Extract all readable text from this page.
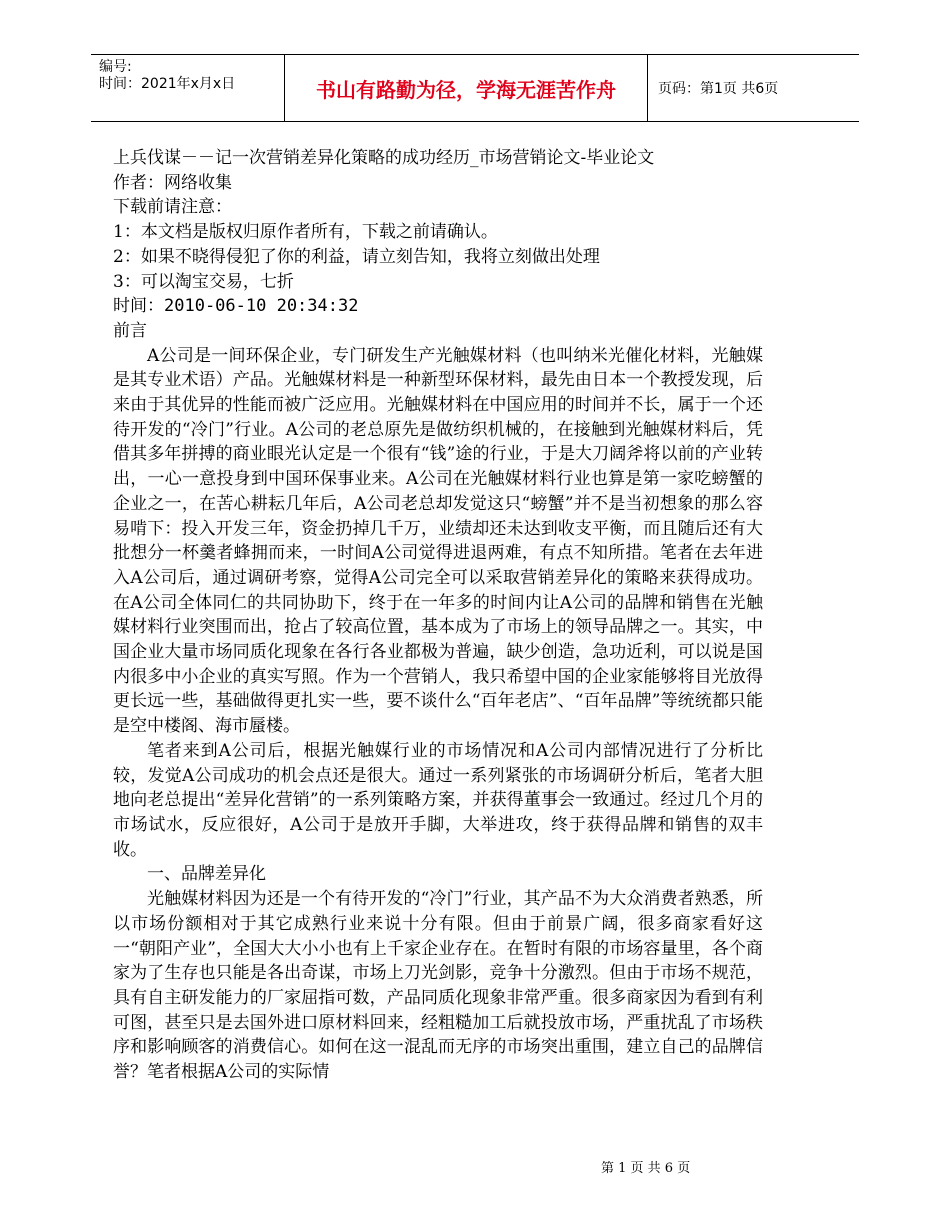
编号:
时间：2021年x月x日	书山有路勤为径，学海无涯苦作舟	页码：第1页 共6页
上兵伐谋－－记一次营销差异化策略的成功经历_市场营销论文-毕业论文
作者：网络收集
下载前请注意：
1：本文档是版权归原作者所有，下载之前请确认。
2：如果不晓得侵犯了你的利益，请立刻告知，我将立刻做出处理
3：可以淘宝交易，七折
时间：2010-06-10 20:34:32
前言

A公司是一间环保企业，专门研发生产光触媒材料（也叫纳米光催化材料，光触媒是其专业术语）产品。光触媒材料是一种新型环保材料，最先由日本一个教授发现，后来由于其优异的性能而被广泛应用。光触媒材料在中国应用的时间并不长，属于一个还待开发的“冷门”行业。A公司的老总原先是做纺织机械的，在接触到光触媒材料后，凭借其多年拼搏的商业眼光认定是一个很有“钱”途的行业，于是大刀阔斧将以前的产业转出，一心一意投身到中国环保事业来。A公司在光触媒材料行业也算是第一家吃螃蟹的企业之一，在苦心耕耘几年后，A公司老总却发觉这只“螃蟹”并不是当初想象的那么容易啃下：投入开发三年，资金扔掉几千万，业绩却还未达到收支平衡，而且随后还有大批想分一杯羹者蜂拥而来，一时间A公司觉得进退两难，有点不知所措。笔者在去年进入A公司后，通过调研考察，觉得A公司完全可以采取营销差异化的策略来获得成功。在A公司全体同仁的共同协助下，终于在一年多的时间内让A公司的品牌和销售在光触媒材料行业突围而出，抢占了较高位置，基本成为了市场上的领导品牌之一。其实，中国企业大量市场同质化现象在各行各业都极为普遍，缺少创造，急功近利，可以说是国内很多中小企业的真实写照。作为一个营销人，我只希望中国的企业家能够将目光放得更长远一些，基础做得更扎实一些，要不谈什么“百年老店”、“百年品牌”等统统都只能是空中楼阁、海市蜃楼。

笔者来到A公司后，根据光触媒行业的市场情况和A公司内部情况进行了分析比较，发觉A公司成功的机会点还是很大。通过一系列紧张的市场调研分析后，笔者大胆地向老总提出“差异化营销”的一系列策略方案，并获得董事会一致通过。经过几个月的市场试水，反应很好，A公司于是放开手脚，大举进攻，终于获得品牌和销售的双丰收。

一、品牌差异化

光触媒材料因为还是一个有待开发的“冷门”行业，其产品不为大众消费者熟悉，所以市场份额相对于其它成熟行业来说十分有限。但由于前景广阔，很多商家看好这一“朝阳产业”，全国大大小小也有上千家企业存在。在暂时有限的市场容量里，各个商家为了生存也只能是各出奇谋，市场上刀光剑影，竞争十分激烈。但由于市场不规范，具有自主研发能力的厂家屈指可数，产品同质化现象非常严重。很多商家因为看到有利可图，甚至只是去国外进口原材料回来，经粗糙加工后就投放市场，严重扰乱了市场秩序和影响顾客的消费信心。如何在这一混乱而无序的市场突出重围，建立自己的品牌信誉？笔者根据A公司的实际情

第 1 页 共 6 页
